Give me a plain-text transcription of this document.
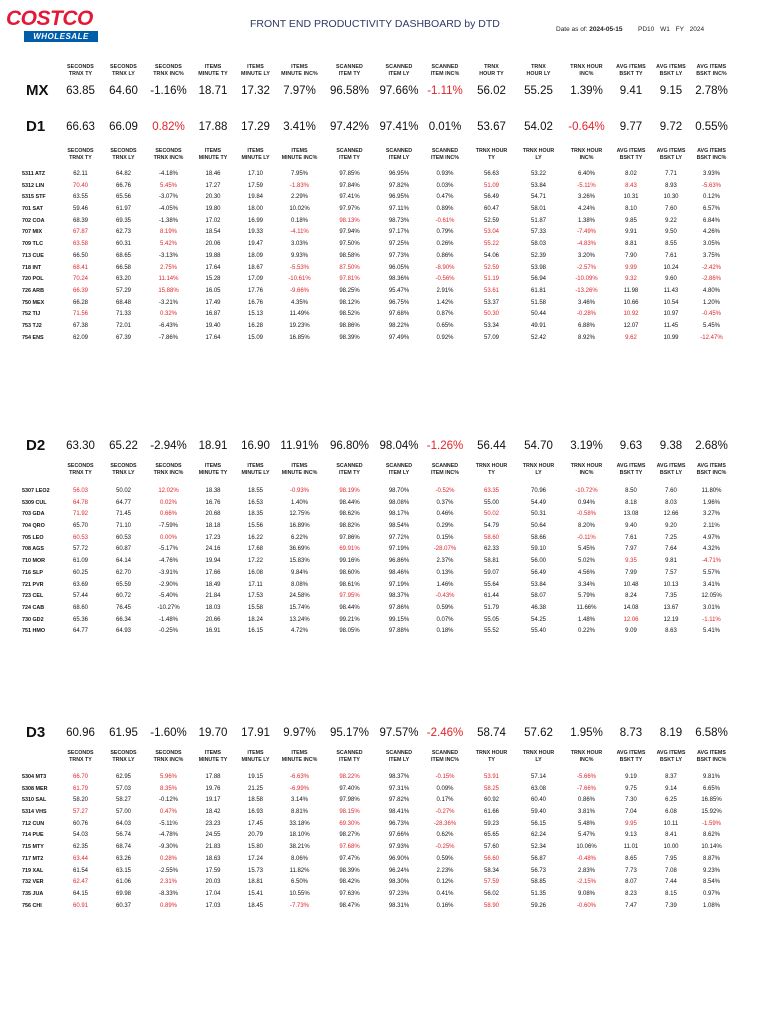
COSTCO
WHOLESALE
FRONT END PRODUCTIVITY DASHBOARD by DTD	Date as of: 2024-05-15 PD10 W1 FY 2024
SECONDS
TRNX TY
SECONDS
TRNX LY
SECONDS
TRNX INC%
ITEMS
MINUTE TY
ITEMS
MINUTE LY
ITEMS
MINUTE INC%
SCANNED
ITEM TY
SCANNED
ITEM LY
SCANNED
ITEM INC%
TRNX
HOUR TY
TRNX
HOUR LY
TRNX HOUR
INC%
AVG ITEMS
BSKT TY
AVG ITEMS
BSKT LY
AVG ITEMS
BSKT INC%
MX	63.85	64.60	-1.16%	18.71	17.32	7.97%	96.58% 97.66% -1.11%	56.02	55.25	1.39%	9.41	9.15	2.78%
D1	66.63	66.09	0.82%	17.88	17.29	3.41%	97.42% 97.41% 0.01%	53.67	54.02	-0.64%	9.77	9.72	0.55%
SECONDS
TRNX TY
SECONDS
TRNX LY
SECONDS
TRNX INC%
ITEMS
MINUTE TY
ITEMS
MINUTE LY
ITEMS
MINUTE INC%
SCANNED
ITEM TY
SCANNED
ITEM LY
SCANNED
ITEM INC%
TRNX HOUR
TY
TRNX HOUR
LY
TRNX HOUR
INC%
AVG ITEMS
BSKT TY
AVG ITEMS
BSKT LY
AVG ITEMS
BSKT INC%
5311 ATZ	62.11	64.82	-4.18%	18.46	17.10	7.95%	97.85%	96.95%	0.93%	56.63	53.22	6.40%	8.02	7.71	3.93%
5312 LIN	70.40	66.76	5.45%	17.27	17.59	-1.83%	97.84%	97.82%	0.03%	51.09	53.84	-5.11%	8.43	8.93	-5.63%
5315 STF	63.55	65.56	-3.07%	20.30	19.84	2.29%	97.41%	96.95%	0.47%	56.49	54.71	3.26%	10.31	10.30	0.12%
701 SAT	59.46	61.97	-4.05%	19.80	18.00	10.02%	97.97%	97.11%	0.89%	60.47	58.01	4.24%	8.10	7.60	6.57%
702 COA	68.39	69.35	-1.38%	17.02	16.99	0.18%	98.13%	98.73%	-0.61%	52.59	51.87	1.38%	9.85	9.22	6.84%
707 MIX	67.87	62.73	8.19%	18.54	19.33	-4.11%	97.94%	97.17%	0.79%	53.04	57.33	-7.49%	9.91	9.50	4.26%
709 TLC	63.58	60.31	5.42%	20.06	19.47	3.03%	97.50%	97.25%	0.26%	55.22	58.03	-4.83%	8.81	8.55	3.05%
713 CUE	66.50	68.65	-3.13%	19.88	18.09	9.93%	98.58%	97.73%	0.86%	54.06	52.39	3.20%	7.90	7.61	3.75%
718 INT	68.41	66.58	2.75%	17.64	18.67	-5.53%	87.50%	96.05%	-8.90%	52.59	53.98	-2.57%	9.99	10.24	-2.42%
720 POL	70.24	63.20	11.14%	15.28	17.09	-10.61%	97.81%	98.36%	-0.56%	51.19	56.94	-10.09%	9.32	9.60	-2.86%
726 ARB	66.39	57.29	15.88%	16.05	17.76	-9.66%	98.25%	95.47%	2.91%	53.61	61.81	-13.26%	11.98	11.43	4.80%
750 MEX	66.28	68.48	-3.21%	17.49	16.76	4.35%	98.12%	96.75%	1.42%	53.37	51.58	3.46%	10.66	10.54	1.20%
752 TIJ	71.56	71.33	0.32%	16.87	15.13	11.49%	98.52%	97.68%	0.87%	50.30	50.44	-0.28%	10.92	10.97	-0.45%
753 TJ2	67.38	72.01	-6.43%	19.40	16.28	19.23%	98.86%	98.22%	0.65%	53.34	49.91	6.88%	12.07	11.45	5.45%
754 ENS	62.09	67.39	-7.86%	17.64	15.09	16.85%	98.39%	97.49%	0.92%	57.09	52.42	8.92%	9.62	10.99	-12.47%
D2	63.30	65.22	-2.94%	18.91	16.90 11.91% 96.80% 98.04% -1.26%	56.44	54.70	3.19%	9.63	9.38	2.68%
SECONDS
TRNX TY
SECONDS
TRNX LY
SECONDS
TRNX INC%
ITEMS
MINUTE TY
ITEMS
MINUTE LY
ITEMS
MINUTE INC%
SCANNED
ITEM TY
SCANNED
ITEM LY
SCANNED
ITEM INC%
TRNX HOUR
TY
TRNX HOUR
LY
TRNX HOUR
INC%
AVG ITEMS
BSKT TY
AVG ITEMS
BSKT LY
AVG ITEMS
BSKT INC%
5307 LEO2	56.03	50.02	12.02%	18.38	18.55	-0.93%	98.19%	98.70%	-0.52%	63.35	70.96	-10.72%	8.50	7.60	11.80%
5309 CUL	64.78	64.77	0.02%	16.76	16.53	1.40%	98.44%	98.08%	0.37%	55.00	54.49	0.94%	8.18	8.03	1.96%
703 GDA	71.92	71.45	0.66%	20.68	18.35	12.75%	98.62%	98.17%	0.46%	50.02	50.31	-0.58%	13.08	12.66	3.27%
704 QRO	65.70	71.10	-7.59%	18.18	15.56	16.89%	98.82%	98.54%	0.29%	54.79	50.64	8.20%	9.40	9.20	2.11%
705 LEO	60.53	60.53	0.00%	17.23	16.22	6.22%	97.86%	97.72%	0.15%	58.60	58.66	-0.11%	7.61	7.25	4.97%
708 AGS	57.72	60.87	-5.17%	24.16	17.68	36.69%	69.91%	97.19%	-28.07%	62.33	59.10	5.45%	7.97	7.64	4.32%
710 MOR	61.09	64.14	-4.76%	19.94	17.22	15.83%	99.16%	96.86%	2.37%	58.81	56.00	5.02%	9.35	9.81	-4.71%
716 SLP	60.25	62.70	-3.91%	17.66	16.08	9.84%	98.60%	98.46%	0.13%	59.07	56.49	4.56%	7.99	7.57	5.57%
721 PVR	63.69	65.59	-2.90%	18.49	17.11	8.08%	98.61%	97.19%	1.46%	55.64	53.84	3.34%	10.48	10.13	3.41%
723 CEL	57.44	60.72	-5.40%	21.84	17.53	24.58%	97.95%	98.37%	-0.43%	61.44	58.07	5.79%	8.24	7.35	12.05%
724 CAB	68.60	76.45	-10.27%	18.03	15.58	15.74%	98.44%	97.86%	0.59%	51.79	46.38	11.66%	14.08	13.67	3.01%
730 GD2	65.36	66.34	-1.48%	20.66	18.24	13.24%	99.21%	99.15%	0.07%	55.05	54.25	1.48%	12.06	12.19	-1.11%
751 HMO	64.77	64.93	-0.25%	16.91	16.15	4.72%	98.05%	97.88%	0.18%	55.52	55.40	0.22%	9.09	8.63	5.41%
D3	60.96	61.95	-1.60%	19.70	17.91	9.97%	95.17% 97.57% -2.46%	58.74	57.62	1.95%	8.73	8.19	6.58%
SECONDS
TRNX TY
SECONDS
TRNX LY
SECONDS
TRNX INC%
ITEMS
MINUTE TY
ITEMS
MINUTE LY
ITEMS
MINUTE INC%
SCANNED
ITEM TY
SCANNED
ITEM LY
SCANNED
ITEM INC%
TRNX HOUR
TY
TRNX HOUR
LY
TRNX HOUR
INC%
AVG ITEMS
BSKT TY
AVG ITEMS
BSKT LY
AVG ITEMS
BSKT INC%
5304 MT3	66.70	62.95	5.96%	17.88	19.15	-6.63%	98.22%	98.37%	-0.15%	53.91	57.14	-5.66%	9.19	8.37	9.81%
5308 MER	61.79	57.03	8.35%	19.76	21.25	-6.99%	97.40%	97.31%	0.09%	58.25	63.08	-7.66%	9.75	9.14	6.65%
5310 SAL	58.20	58.27	-0.12%	19.17	18.58	3.14%	97.98%	97.82%	0.17%	60.92	60.40	0.86%	7.30	6.25	16.85%
5314 VHS	57.27	57.00	0.47%	18.42	16.93	8.81%	98.15%	98.41%	-0.27%	61.66	59.40	3.81%	7.04	6.08	15.92%
712 CUN	60.76	64.03	-5.11%	23.23	17.45	33.18%	69.30%	96.73%	-28.36%	59.23	56.15	5.48%	9.95	10.11	-1.59%
714 PUE	54.03	56.74	-4.78%	24.55	20.79	18.10%	98.27%	97.66%	0.62%	65.65	62.24	5.47%	9.13	8.41	8.62%
715 MTY	62.35	68.74	-9.30%	21.83	15.80	38.21%	97.68%	97.93%	-0.25%	57.60	52.34	10.06%	11.01	10.00	10.14%
717 MT2	63.44	63.26	0.28%	18.63	17.24	8.06%	97.47%	96.90%	0.59%	56.60	56.87	-0.48%	8.65	7.95	8.87%
719 XAL	61.54	63.15	-2.55%	17.59	15.73	11.82%	98.39%	96.24%	2.23%	58.34	56.73	2.83%	7.73	7.08	9.23%
732 VER	62.47	61.06	2.31%	20.03	18.81	6.50%	98.42%	98.30%	0.12%	57.59	58.85	-2.15%	8.07	7.44	8.54%
735 JUA	64.15	69.98	-8.33%	17.04	15.41	10.55%	97.63%	97.23%	0.41%	56.02	51.35	9.08%	8.23	8.15	0.97%
756 CHI	60.91	60.37	0.89%	17.03	18.45	-7.73%	98.47%	98.31%	0.16%	58.90	59.26	-0.60%	7.47	7.39	1.08%
